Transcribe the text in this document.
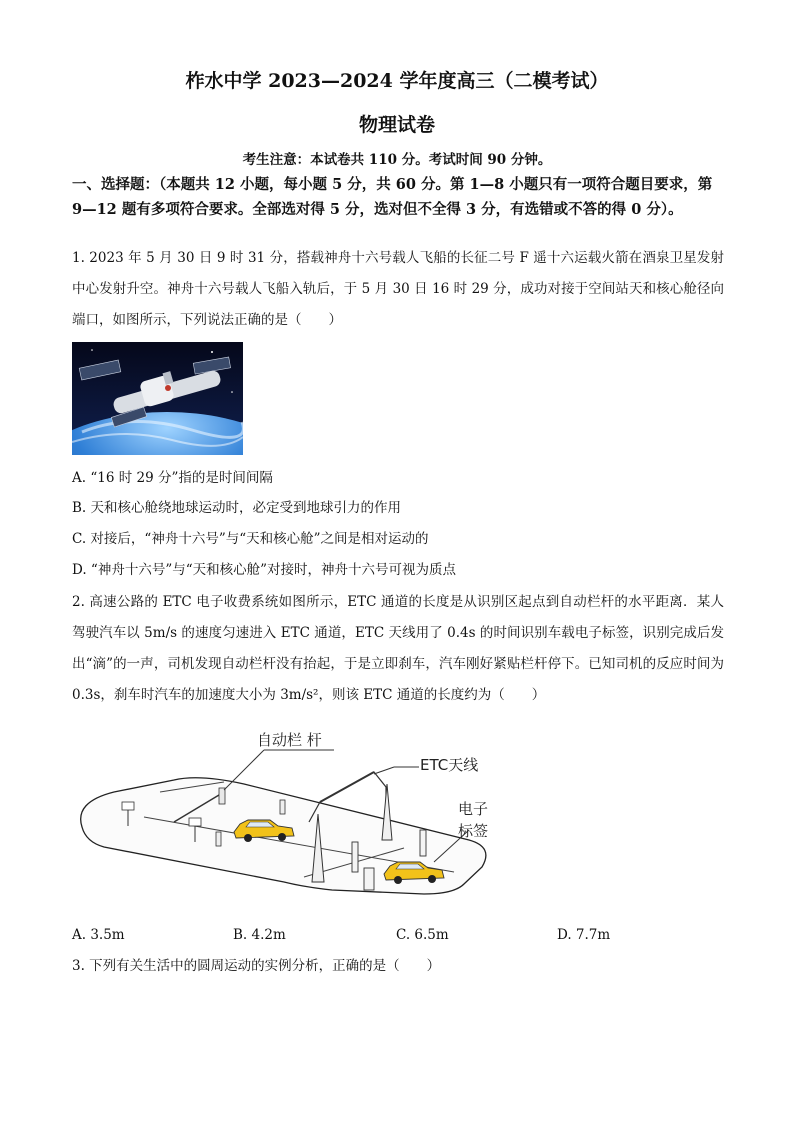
柞水中学 2023—2024 学年度高三（二模考试）
物理试卷
考生注意：本试卷共 110 分。考试时间 90 分钟。
一、选择题：（本题共 12 小题，每小题 5 分，共 60 分。第 1—8 小题只有一项符合题目要求，第 9—12 题有多项符合要求。全部选对得 5 分，选对但不全得 3 分，有选错或不答的得 0 分）。
1. 2023 年 5 月 30 日 9 时 31 分，搭载神舟十六号载人飞船的长征二号 F 遥十六运载火箭在酒泉卫星发射中心发射升空。神舟十六号载人飞船入轨后，于 5 月 30 日 16 时 29 分，成功对接于空间站天和核心舱径向端口，如图所示，下列说法正确的是（　　）
A. “16 时 29 分”指的是时间间隔
B. 天和核心舱绕地球运动时，必定受到地球引力的作用
C. 对接后，“神舟十六号”与“天和核心舱”之间是相对运动的
D. “神舟十六号”与“天和核心舱”对接时，神舟十六号可视为质点
2. 高速公路的 ETC 电子收费系统如图所示，ETC 通道的长度是从识别区起点到自动栏杆的水平距离．某人驾驶汽车以 5m/s 的速度匀速进入 ETC 通道，ETC 天线用了 0.4s 的时间识别车载电子标签，识别完成后发出“滴”的一声，司机发现自动栏杆没有抬起，于是立即刹车，汽车刚好紧贴栏杆停下。已知司机的反应时间为 0.3s，刹车时汽车的加速度大小为 3m/s²，则该 ETC 通道的长度约为（　　）
自动栏 杆
ETC天线
电子
标签
A. 3.5m	B. 4.2m	C. 6.5m	D. 7.7m
3. 下列有关生活中的圆周运动的实例分析，正确的是（　　）
